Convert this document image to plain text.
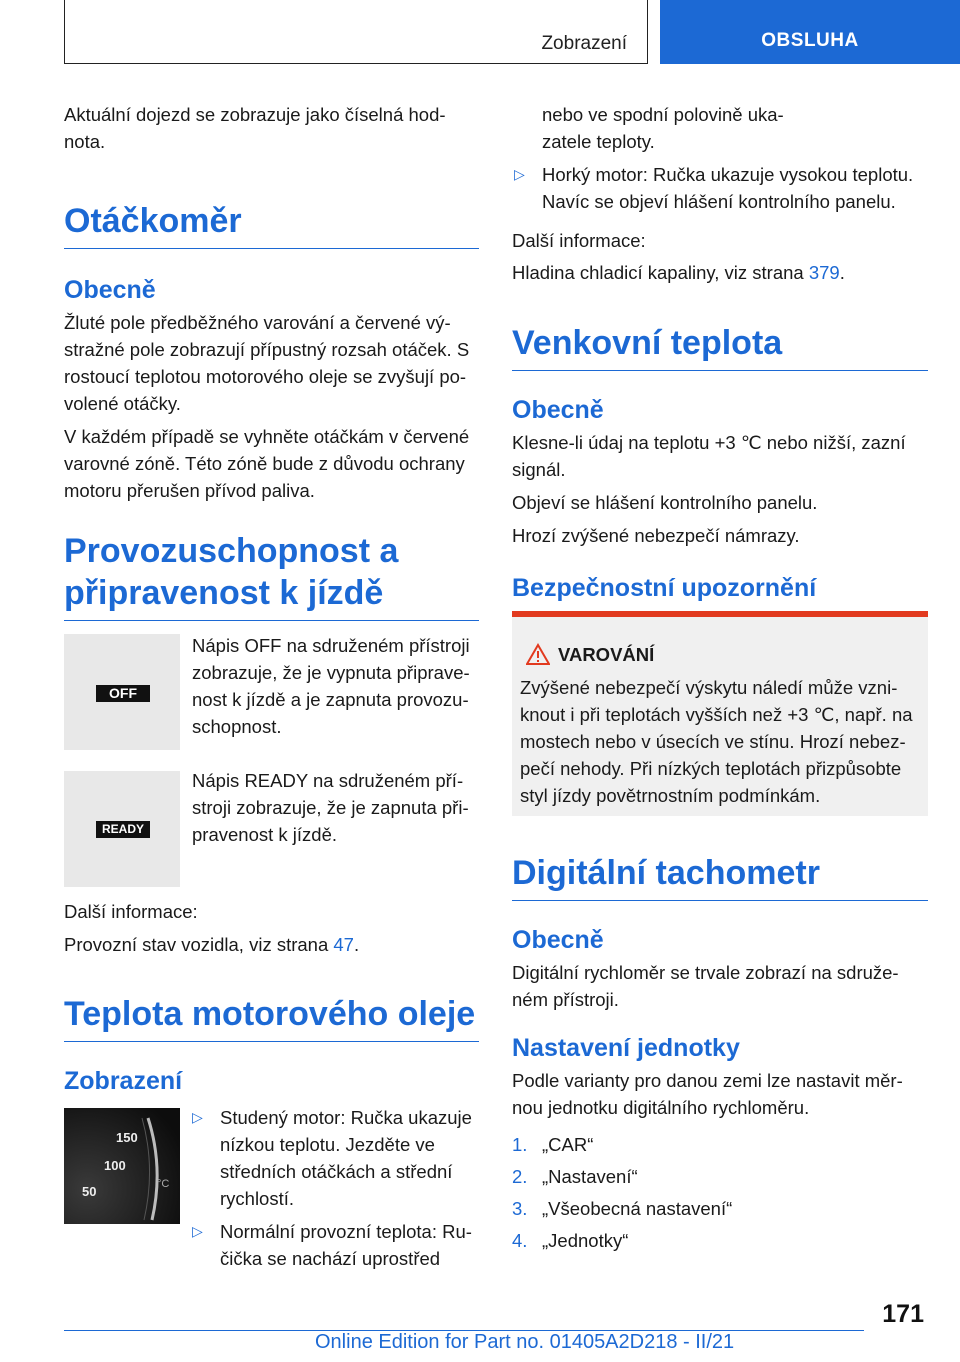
Zobrazení	OBSLUHA

Aktuální dojezd se zobrazuje jako číselná hod-

nota.

Otáčkoměr
Obecně

Žluté pole předběžného varování a červené vý-

stražné pole zobrazují přípustný rozsah otáček. S

rostoucí teplotou motorového oleje se zvyšují po-

volené otáčky.

V každém případě se vyhněte otáčkám v červené

varovné zóně. Této zóně bude z důvodu ochrany

motoru přerušen přívod paliva.

Provozuschopnost a
připravenost k jízdě
OFF

Nápis OFF na sdruženém přístroji

zobrazuje, že je vypnuta připrave-

nost k jízdě a je zapnuta provozu-

schopnost.

READY

Nápis READY na sdruženém pří-

stroji zobrazuje, že je zapnuta při-

pravenost k jízdě.

Další informace:

Provozní stav vozidla, viz strana 47.

Teplota motorového oleje
Zobrazení
150
100
50	°C
▷ Studený motor: Ručka ukazuje
nízkou teplotu. Jezděte ve
středních otáčkách a střední
rychlostí.
▷ Normální provozní teplota: Ru-
čička se nachází uprostřed

nebo ve spodní polovině uka-

zatele teploty.

▷ Horký motor: Ručka ukazuje vysokou teplotu.
Navíc se objeví hlášení kontrolního panelu.

Další informace:

Hladina chladicí kapaliny, viz strana 379.

Venkovní teplota
Obecně

Klesne-li údaj na teplotu +3 ℃ nebo nižší, zazní

signál.

Objeví se hlášení kontrolního panelu.

Hrozí zvýšené nebezpečí námrazy.

Bezpečnostní upozornění
VAROVÁNÍ

Zvýšené nebezpečí výskytu náledí může vzni-

knout i při teplotách vyšších než +3 ℃, např. na

mostech nebo v úsecích ve stínu. Hrozí nebez-

pečí nehody. Při nízkých teplotách přizpůsobte

styl jízdy povětrnostním podmínkám.

Digitální tachometr
Obecně

Digitální rychloměr se trvale zobrazí na sdruže-

ném přístroji.

Nastavení jednotky

Podle varianty pro danou zemi lze nastavit měr-

nou jednotku digitálního rychloměru.

1. „CAR“
2. „Nastavení“
3. „Všeobecná nastavení“
4. „Jednotky“
171
Online Edition for Part no. 01405A2D218 - II/21
